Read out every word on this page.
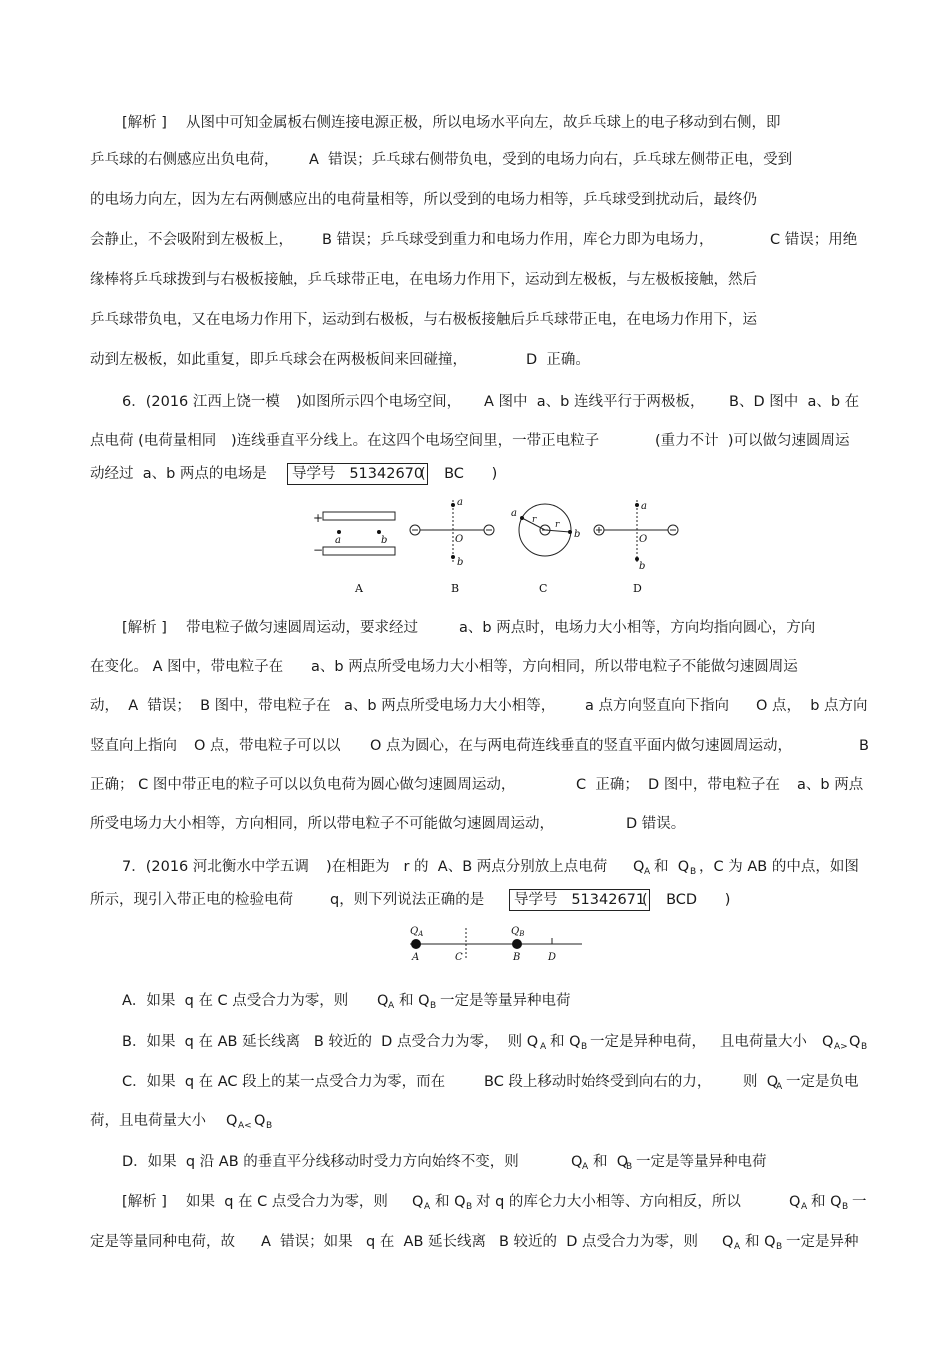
[解析 ] 从图中可知金属板右侧连接电源正极，所以电场水平向左，故乒乓球上的电子移动到右侧，即
乒乓球的右侧感应出负电荷， A  错误；乒乓球右侧带负电，受到的电场力向右，乒乓球左侧带正电，受到
的电场力向左，因为左右两侧感应出的电荷量相等，所以受到的电场力相等，乒乓球受到扰动后，最终仍
会静止，不会吸附到左极板上， B 错误；乒乓球受到重力和电场力作用，库仑力即为电场力，	C 错误；用绝
缘棒将乒乓球拨到与右极板接触，乒乓球带正电，在电场力作用下，运动到左极板，与左极板接触，然后
乒乓球带负电，又在电场力作用下，运动到右极板，与右极板接触后乒乓球带正电，在电场力作用下，运
动到左极板，如此重复，即乒乓球会在两极板间来回碰撞，	D  正确。
6．(2016 江西上饶一模 )如图所示四个电场空间， A 图中  a、b 连线平行于两极板， B、D 图中  a、b 在
点电荷 (电荷量相同 )连线垂直平分线上。在这四个电场空间里，一带正电粒子	(重力不计  )可以做匀速圆周运
动经过  a、b 两点的电场是	(    BC      )
[解析 ] 带电粒子做匀速圆周运动，要求经过	a、b 两点时，电场力大小相等，方向均指向圆心，方向
在变化。 A 图中，带电粒子在 a、b 两点所受电场力大小相等，方向相同，所以带电粒子不能做匀速圆周运
动，  A  错误；  B 图中，带电粒子在 a、b 两点所受电场力大小相等， a 点方向竖直向下指向 O 点，  b 点方向
竖直向上指向 O 点，带电粒子可以以 O 点为圆心，在与两电荷连线垂直的竖直平面内做匀速圆周运动，	B
正确； C 图中带正电的粒子可以以负电荷为圆心做匀速圆周运动，	C  正确；  D 图中，带电粒子在 a、b 两点
所受电场力大小相等，方向相同，所以带电粒子不可能做匀速圆周运动，	D 错误。
7．(2016 河北衡水中学五调 )在相距为   r 的  A、B 两点分别放上点电荷 Q A 和  Q B ，C 为 AB 的中点，如图
所示，现引入带正电的检验电荷	q，则下列说法正确的是	(    BCD      )
A．如果  q 在 C 点受合力为零，则 Q A 和 Q B 一定是等量异种电荷
B．如果  q 在 AB 延长线离   B 较近的  D 点受合力为零，  则 Q A 和 Q B 一定是异种电荷，   且电荷量大小 Q A> Q B
C．如果  q 在 AC 段上的某一点受合力为零，而在	BC 段上移动时始终受到向右的力， 则  Q
A 一定是负电
荷，且电荷量大小 Q A< Q B
D．如果  q 沿 AB 的垂直平分线移动时受力方向始终不变，则	Q A 和  Q
B 一定是等量异种电荷
[解析 ] 如果  q 在 C 点受合力为零，则 Q A 和 Q B 对 q 的库仑力大小相等、方向相反，所以	Q A 和 Q B 一
定是等量同种电荷，故 A  错误；如果 q 在  AB 延长线离 B 较近的  D 点受合力为零，则 Q A 和 Q B 一定是异种

导学号   51342670

导学号   51342671

+
−
a	b
A
a
O
b
B
a
b
r r
C
a
O
b
D
$Q_A$	$Q_B$
A	C	B	D
